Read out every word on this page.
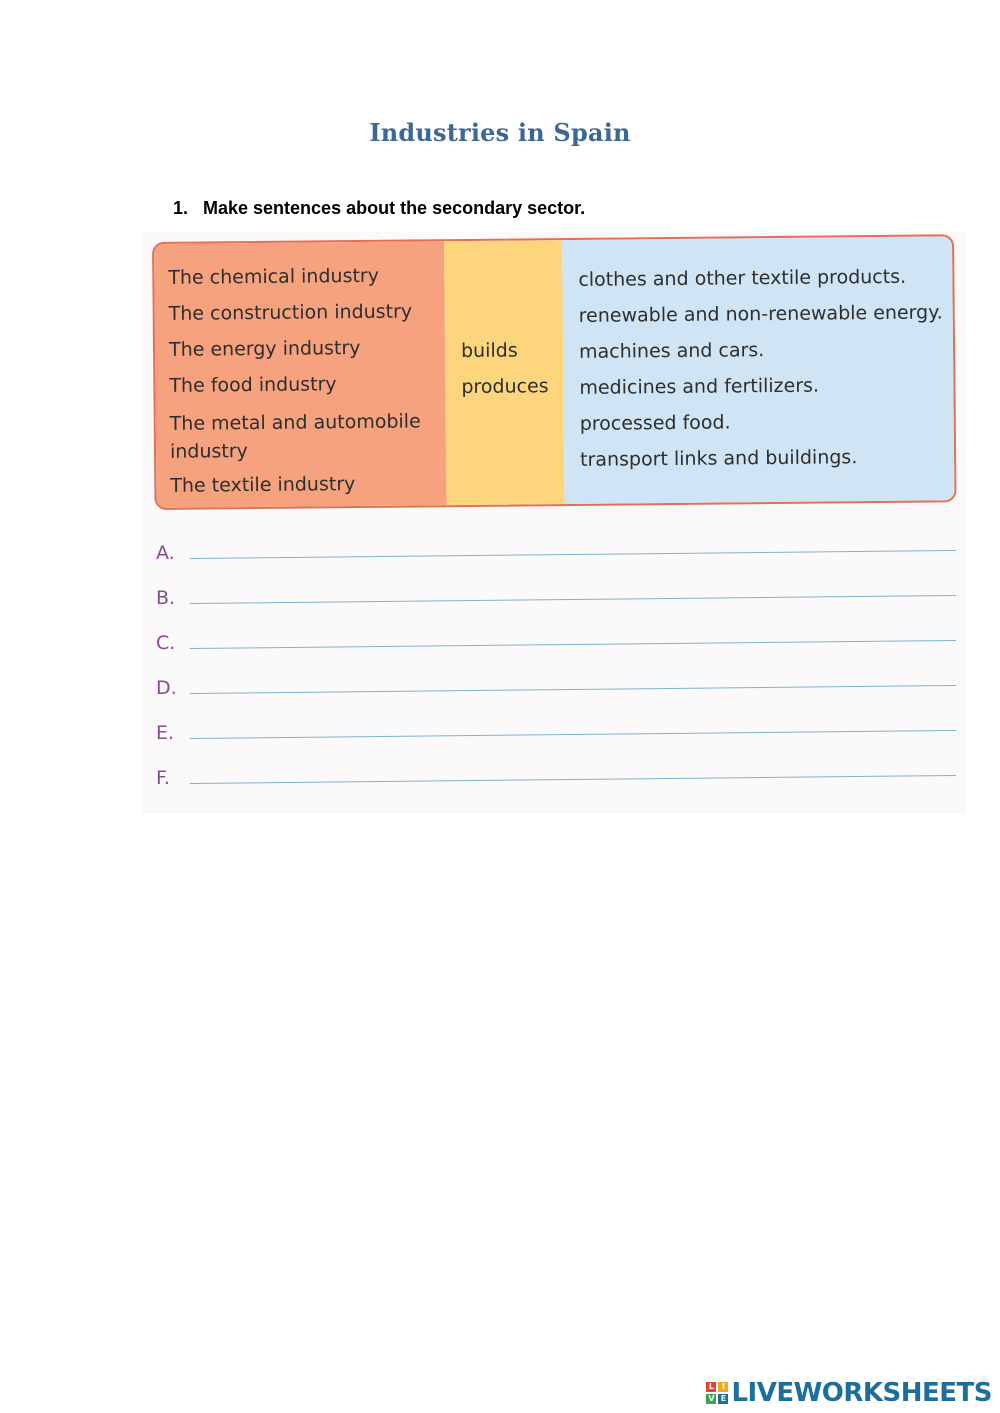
Industries in Spain
1. Make sentences about the secondary sector.
The chemical industry
The construction industry
The energy industry
The food industry
The metal and automobile industry
The textile industry
builds
produces
clothes and other textile products.
renewable and non-renewable energy.
machines and cars.
medicines and fertilizers.
processed food.
transport links and buildings.
A.
B.
C.
D.
E.
F.
L I
V E LIVEWORKSHEETS
